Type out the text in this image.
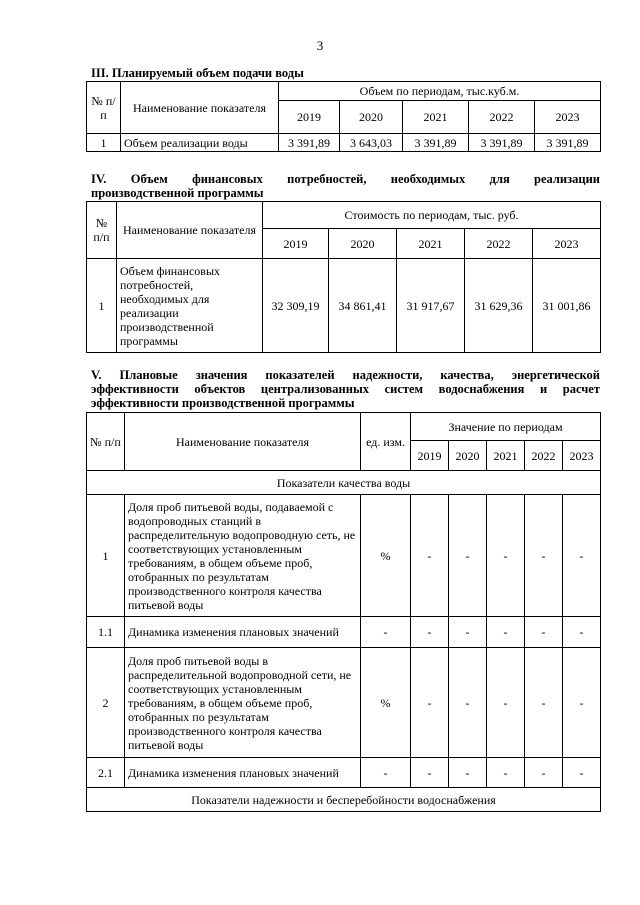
3
III. Планируемый объем подачи воды
№ п/п	Наименование показателя	Объем по периодам, тыс.куб.м.				
		2019	2020	2021	2022	2023
1	Объем реализации воды	3 391,89	3 643,03	3 391,89	3 391,89	3 391,89
IV. Объем финансовых потребностей, необходимых для реализации
производственной программы
№ п/п	Наименование показателя	Стоимость по периодам, тыс. руб.				
		2019	2020	2021	2022	2023
1	Объем финансовых потребностей, необходимых для реализации производственной программы	32 309,19	34 861,41	31 917,67	31 629,36	31 001,86
V. Плановые значения показателей надежности, качества, энергетической
эффективности объектов централизованных систем водоснабжения и расчет
эффективности производственной программы
№ п/п	Наименование показателя	ед. изм.	Значение по периодам				
			2019	2020	2021	2022	2023
Показатели качества воды							
1	Доля проб питьевой воды, подаваемой с водопроводных станций в распределительную водопроводную сеть, не соответствующих установленным требованиям, в общем объеме проб, отобранных по результатам производственного контроля качества питьевой воды	%	-	-	-	-	-
1.1	Динамика изменения плановых значений	-	-	-	-	-	-
2	Доля проб питьевой воды в распределительной водопроводной сети, не соответствующих установленным требованиям, в общем объеме проб, отобранных по результатам производственного контроля качества питьевой воды	%	-	-	-	-	-
2.1	Динамика изменения плановых значений	-	-	-	-	-	-
Показатели надежности и бесперебойности водоснабжения							
